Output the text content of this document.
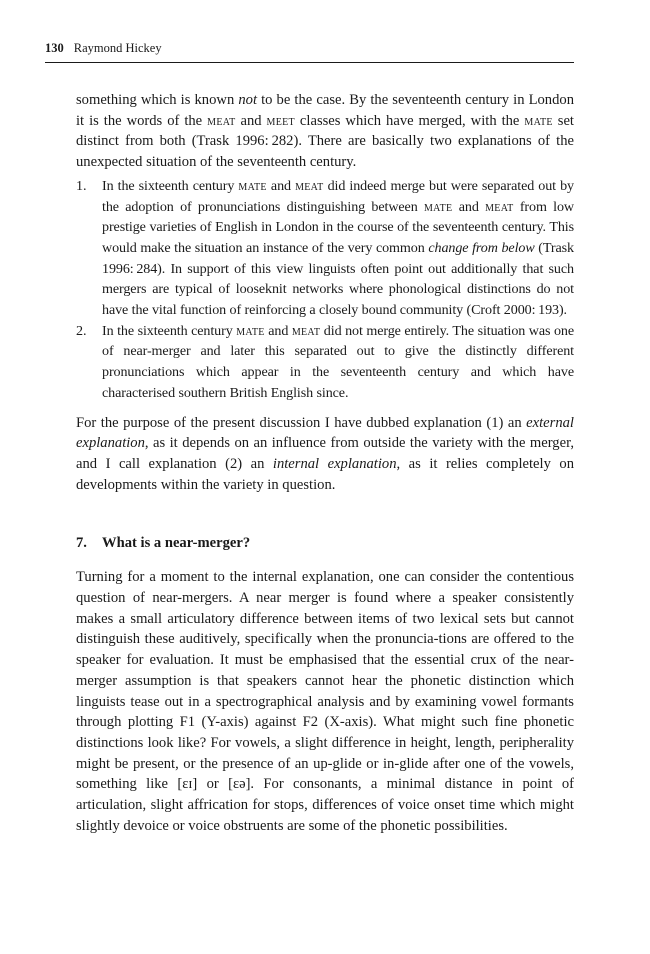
130 Raymond Hickey

something which is known not to be the case. By the seventeenth century in London it is the words of the meat and meet classes which have merged, with the mate set distinct from both (Trask 1996: 282). There are basically two explanations of the unexpected situation of the seventeenth century.

1. In the sixteenth century mate and meat did indeed merge but were separated out by the adoption of pronunciations distinguishing between mate and meat from low prestige varieties of English in London in the course of the seventeenth century. This would make the situation an instance of the very common change from below (Trask 1996: 284). In support of this view linguists often point out additionally that such mergers are typical of looseknit networks where phonological distinctions do not have the vital function of reinforcing a closely bound community (Croft 2000: 193).
2. In the sixteenth century mate and meat did not merge entirely. The situation was one of near-merger and later this separated out to give the distinctly different pronunciations which appear in the seventeenth century and which have characterised southern British English since.

For the purpose of the present discussion I have dubbed explanation (1) an external explanation, as it depends on an influence from outside the variety with the merger, and I call explanation (2) an internal explanation, as it relies completely on developments within the variety in question.

7. What is a near-merger?

Turning for a moment to the internal explanation, one can consider the contentious question of near-mergers. A near merger is found where a speaker consistently makes a small articulatory difference between items of two lexical sets but cannot distinguish these auditively, specifically when the pronuncia-tions are offered to the speaker for evaluation. It must be emphasised that the essential crux of the near-merger assumption is that speakers cannot hear the phonetic distinction which linguists tease out in a spectrographical analysis and by examining vowel formants through plotting F1 (Y-axis) against F2 (X-axis). What might such fine phonetic distinctions look like? For vowels, a slight difference in height, length, peripherality might be present, or the presence of an up-glide or in-glide after one of the vowels, something like [ɛɪ] or [ɛə]. For consonants, a minimal distance in point of articulation, slight affrication for stops, differences of voice onset time which might slightly devoice or voice obstruents are some of the phonetic possibilities.
